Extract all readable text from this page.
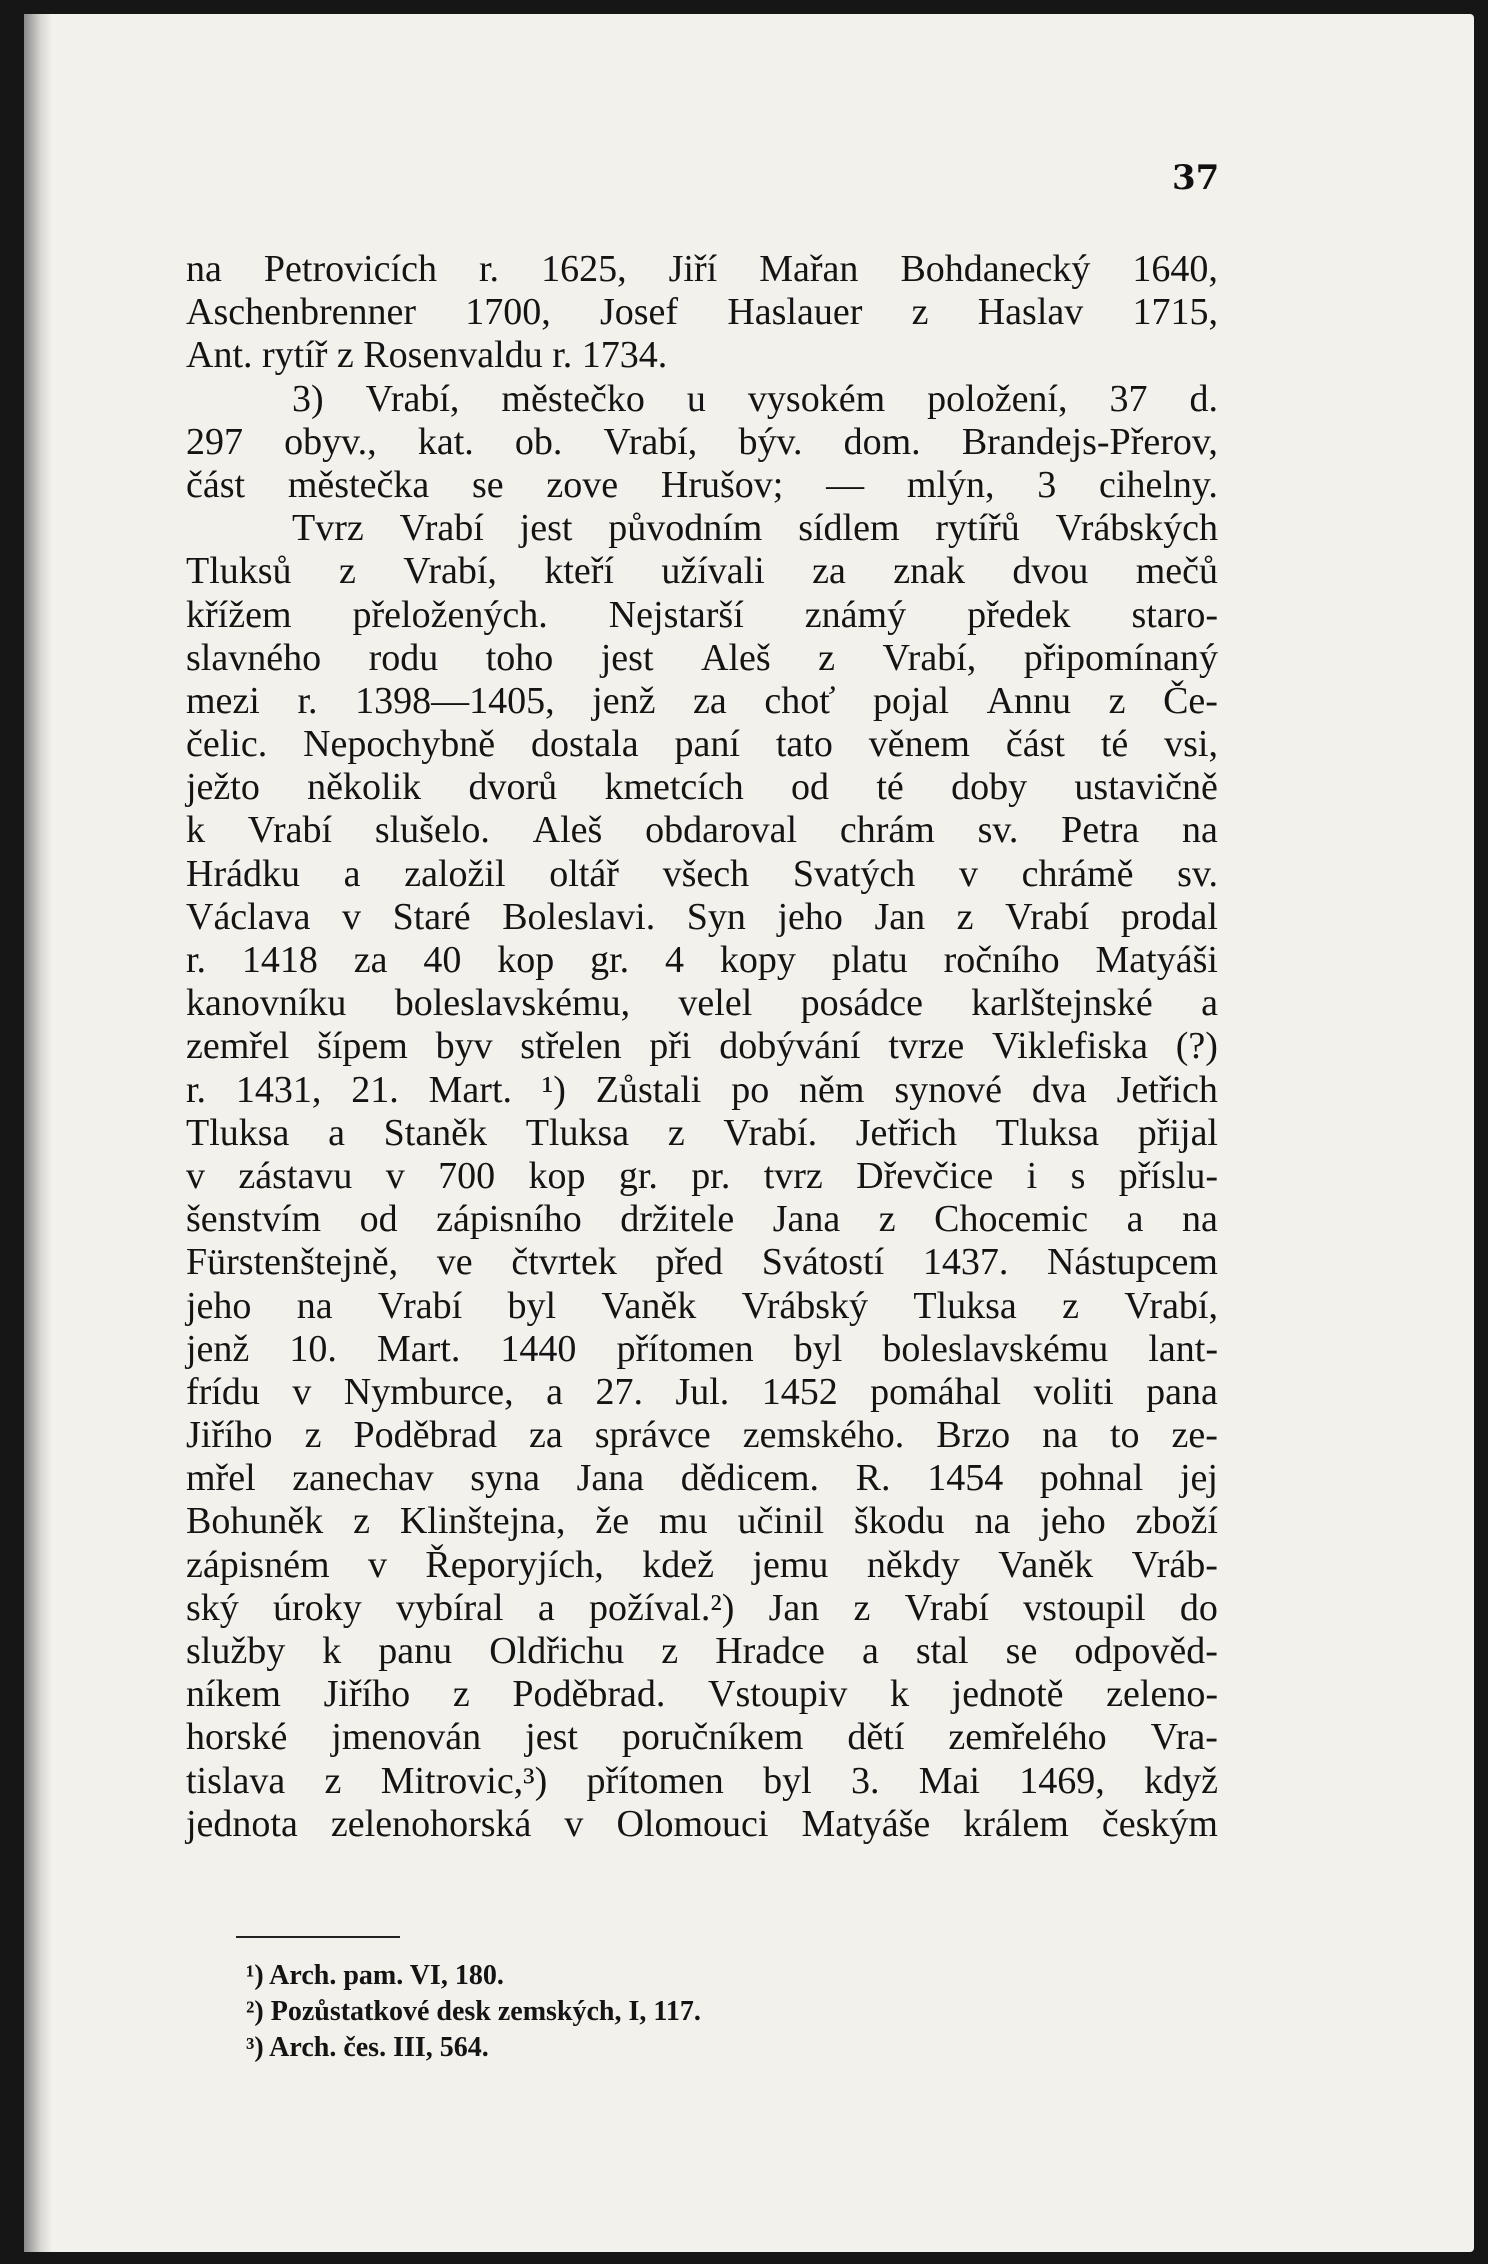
37
na Petrovicích r. 1625, Jiří Mařan Bohdanecký 1640,
Aschenbrenner 1700, Josef Haslauer z Haslav 1715,
Ant. rytíř z Rosenvaldu r. 1734.
3) Vrabí, městečko u vysokém položení, 37 d.
297 obyv., kat. ob. Vrabí, býv. dom. Brandejs-Přerov,
část městečka se zove Hrušov; — mlýn, 3 cihelny.
Tvrz Vrabí jest původním sídlem rytířů Vrábských
Tluksů z Vrabí, kteří užívali za znak dvou mečů
křížem přeložených. Nejstarší známý předek staro-
slavného rodu toho jest Aleš z Vrabí, připomínaný
mezi r. 1398—1405, jenž za choť pojal Annu z Če-
čelic. Nepochybně dostala paní tato věnem část té vsi,
ježto několik dvorů kmetcích od té doby ustavičně
k Vrabí slušelo. Aleš obdaroval chrám sv. Petra na
Hrádku a založil oltář všech Svatých v chrámě sv.
Václava v Staré Boleslavi. Syn jeho Jan z Vrabí prodal
r. 1418 za 40 kop gr. 4 kopy platu ročního Matyáši
kanovníku boleslavskému, velel posádce karlštejnské a
zemřel šípem byv střelen při dobývání tvrze Viklefiska (?)
r. 1431, 21. Mart. ¹) Zůstali po něm synové dva Jetřich
Tluksa a Staněk Tluksa z Vrabí. Jetřich Tluksa přijal
v zástavu v 700 kop gr. pr. tvrz Dřevčice i s příslu-
šenstvím od zápisního držitele Jana z Chocemic a na
Fürstenštejně, ve čtvrtek před Svátostí 1437. Nástupcem
jeho na Vrabí byl Vaněk Vrábský Tluksa z Vrabí,
jenž 10. Mart. 1440 přítomen byl boleslavskému lant-
frídu v Nymburce, a 27. Jul. 1452 pomáhal voliti pana
Jiřího z Poděbrad za správce zemského. Brzo na to ze-
mřel zanechav syna Jana dědicem. R. 1454 pohnal jej
Bohuněk z Klinštejna, že mu učinil škodu na jeho zboží
zápisném v Řeporyjích, kdež jemu někdy Vaněk Vráb-
ský úroky vybíral a požíval.²) Jan z Vrabí vstoupil do
služby k panu Oldřichu z Hradce a stal se odpověd-
níkem Jiřího z Poděbrad. Vstoupiv k jednotě zeleno-
horské jmenován jest poručníkem dětí zemřelého Vra-
tislava z Mitrovic,³) přítomen byl 3. Mai 1469, když
jednota zelenohorská v Olomouci Matyáše králem českým
¹) Arch. pam. VI, 180.
²) Pozůstatkové desk zemských, I, 117.
³) Arch. čes. III, 564.
